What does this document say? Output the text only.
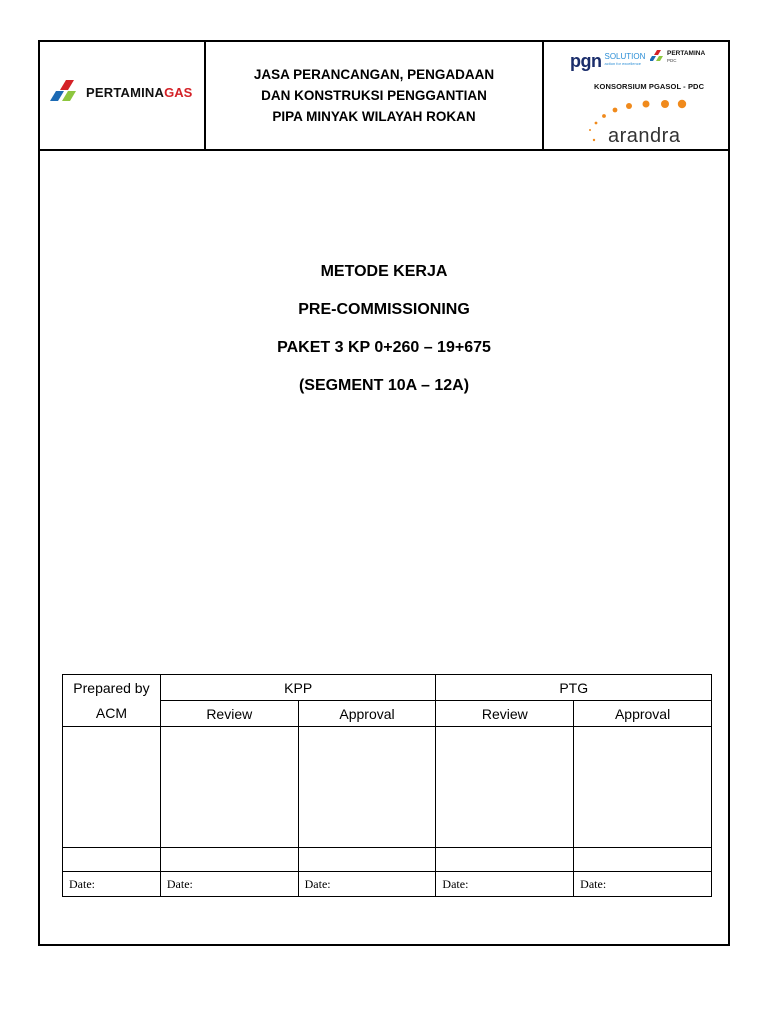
PERTAMINA GAS
JASA PERANCANGAN, PENGADAAN
DAN KONSTRUKSI PENGGANTIAN
PIPA MINYAK WILAYAH ROKAN
pgn SOLUTION
action for excellence
PERTAMINA
PDC
KONSORSIUM PGASOL - PDC
arandra
METODE KERJA
PRE-COMMISSIONING
PAKET 3 KP 0+260 – 19+675
(SEGMENT 10A – 12A)
Prepared by	KPP		PTG	
ACM	Review	Approval	Review	Approval

Date:	Date:	Date:	Date:	Date:
